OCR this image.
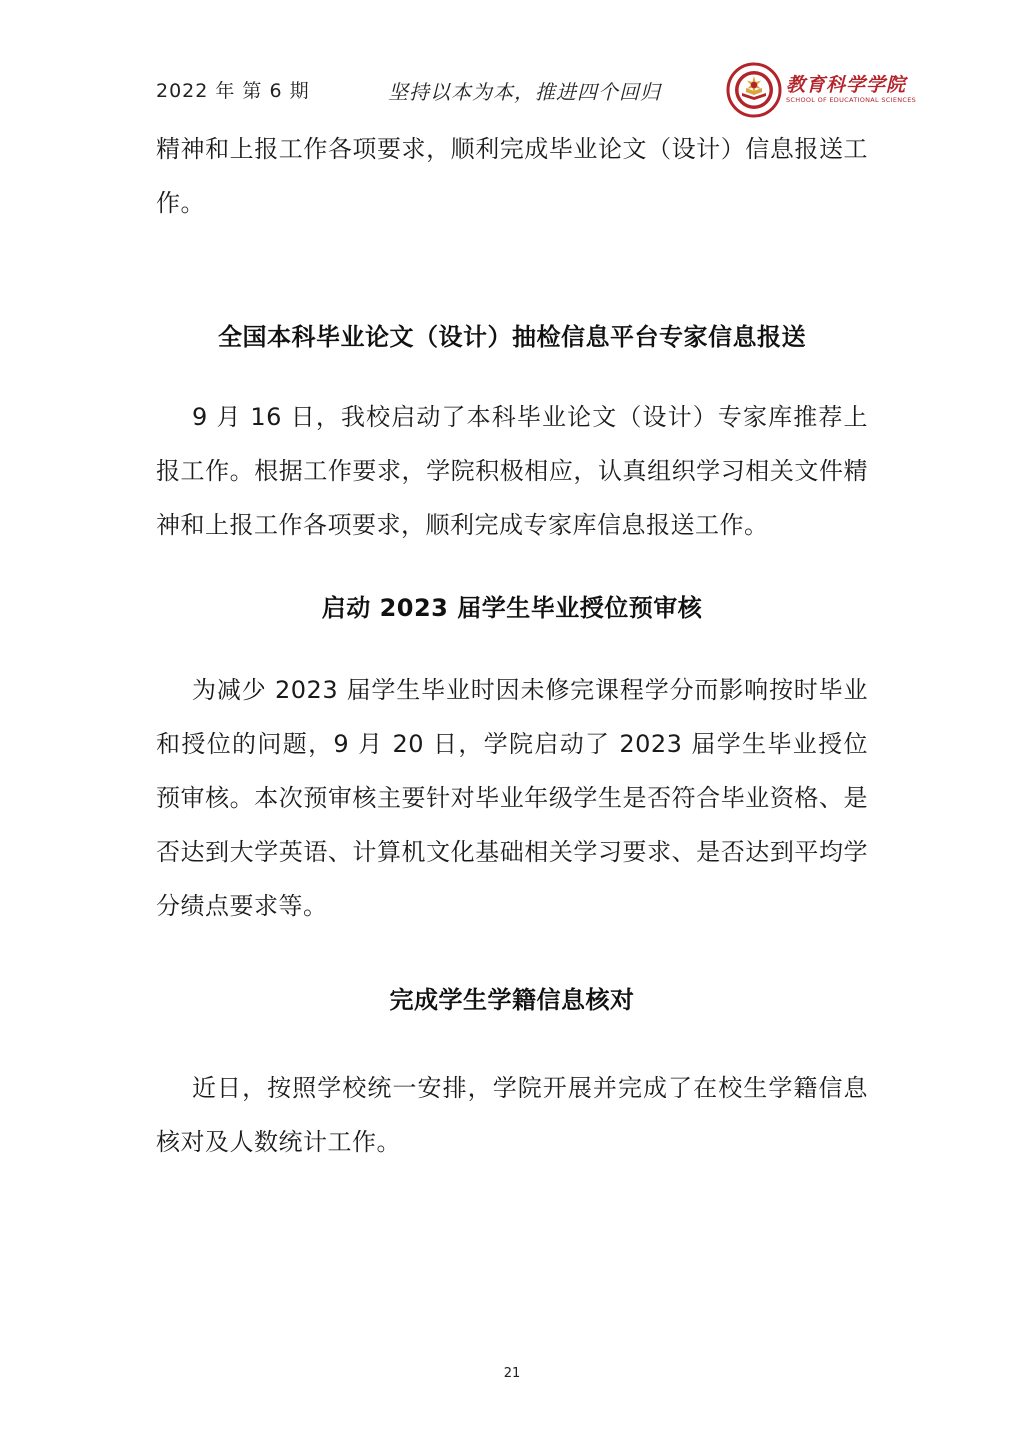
2022 年 第 6 期	坚持以本为本，推进四个回归	教育科学学院
SCHOOL OF EDUCATIONAL SCIENCES

精神和上报工作各项要求，顺利完成毕业论文（设计）信息报送工作。

全国本科毕业论文（设计）抽检信息平台专家信息报送

9 月 16 日，我校启动了本科毕业论文（设计）专家库推荐上报工作。根据工作要求，学院积极相应，认真组织学习相关文件精神和上报工作各项要求，顺利完成专家库信息报送工作。

启动 2023 届学生毕业授位预审核

为减少 2023 届学生毕业时因未修完课程学分而影响按时毕业和授位的问题，9 月 20 日，学院启动了 2023 届学生毕业授位预审核。本次预审核主要针对毕业年级学生是否符合毕业资格、是否达到大学英语、计算机文化基础相关学习要求、是否达到平均学分绩点要求等。

完成学生学籍信息核对

近日，按照学校统一安排，学院开展并完成了在校生学籍信息核对及人数统计工作。

21
